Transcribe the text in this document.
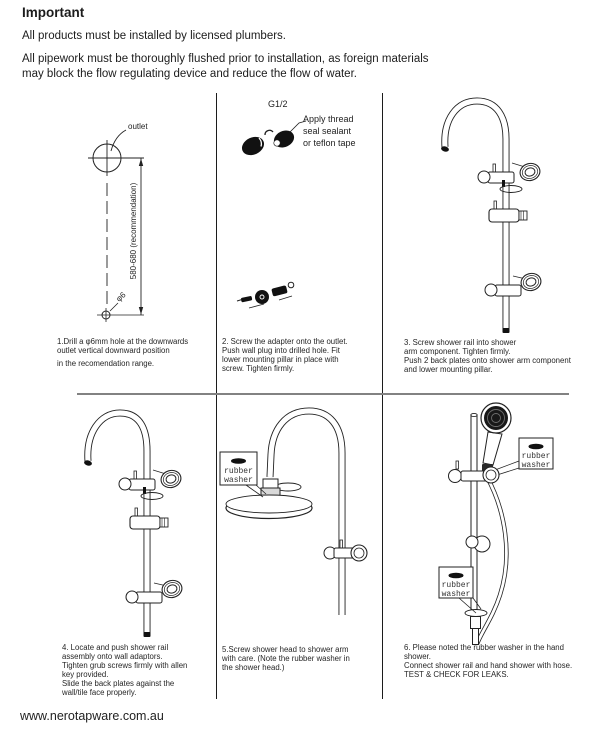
Important
All products must be installed by licensed plumbers.
All pipework must be thoroughly flushed prior to installation, as foreign materials
may block the flow regulating device and reduce the flow of water.
outlet
580-680 (recommendation)
φ6
G1/2
Apply thread
seal sealant
or teflon tape
rubber
washer
rubber
washer
rubber
washer
1.Drill a φ6mm hole at the downwards
outlet vertical downward position
in the recomendation range.
2. Screw the adapter onto the outlet.
Push wall plug into drilled hole. Fit
lower mounting pillar in place with
screw. Tighten firmly.
3. Screw shower rail into shower
arm component. Tighten firmly.
Push 2 back plates onto shower arm component
and lower mounting pillar.
4. Locate and push shower rail
assembly onto wall adaptors.
Tighten grub screws firmly with allen
key provided.
Slide the back plates against the
wall/tile face properly.
5.Screw shower head to shower arm
with care. (Note the rubber washer in
the shower head.)
6. Please noted the rubber washer in the hand
shower.
Connect shower rail and hand shower with hose.
TEST & CHECK FOR LEAKS.
www.nerotapware.com.au
